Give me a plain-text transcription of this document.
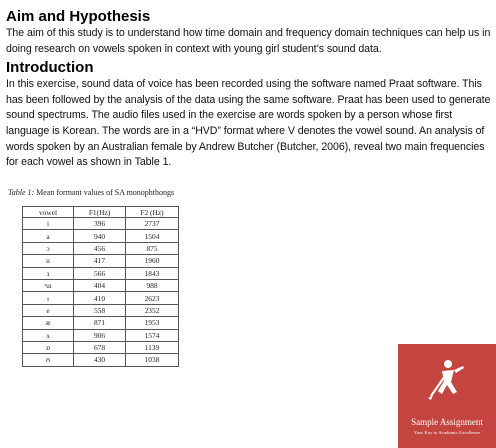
Aim and Hypothesis

The aim of this study is to understand how time domain and frequency domain techniques can help us in doing research on vowels spoken in context with young girl student’s sound data.

Introduction

In this exercise, sound data of voice has been recorded using the software named Praat software. This has been followed by the analysis of the data using the same software. Praat has been used to generate sound spectrums. The audio files used in the exercise are words spoken by a person whose first language is Korean. The words are in a “HVD” format where V denotes the vowel sound. An analysis of words spoken by an Australian female by Andrew Butcher (Butcher, 2006), reveal two main frequencies for each vowel as shown in Table 1.

Table 1: Mean formant values of SA monophthongs
vowel	F1(Hz)	F2 (Hz)
i	396	2737
a	940	1504
ɔ	456	875
u	417	1960
з	566	1843
ᵊuɪ	404	988
ɪ	410	2623
e	558	2352
æ	871	1953
ʌ	906	1574
ɒ	678	1139
ʊ	430	1038
Sample Assignment
Your Key to Academic Excellence
